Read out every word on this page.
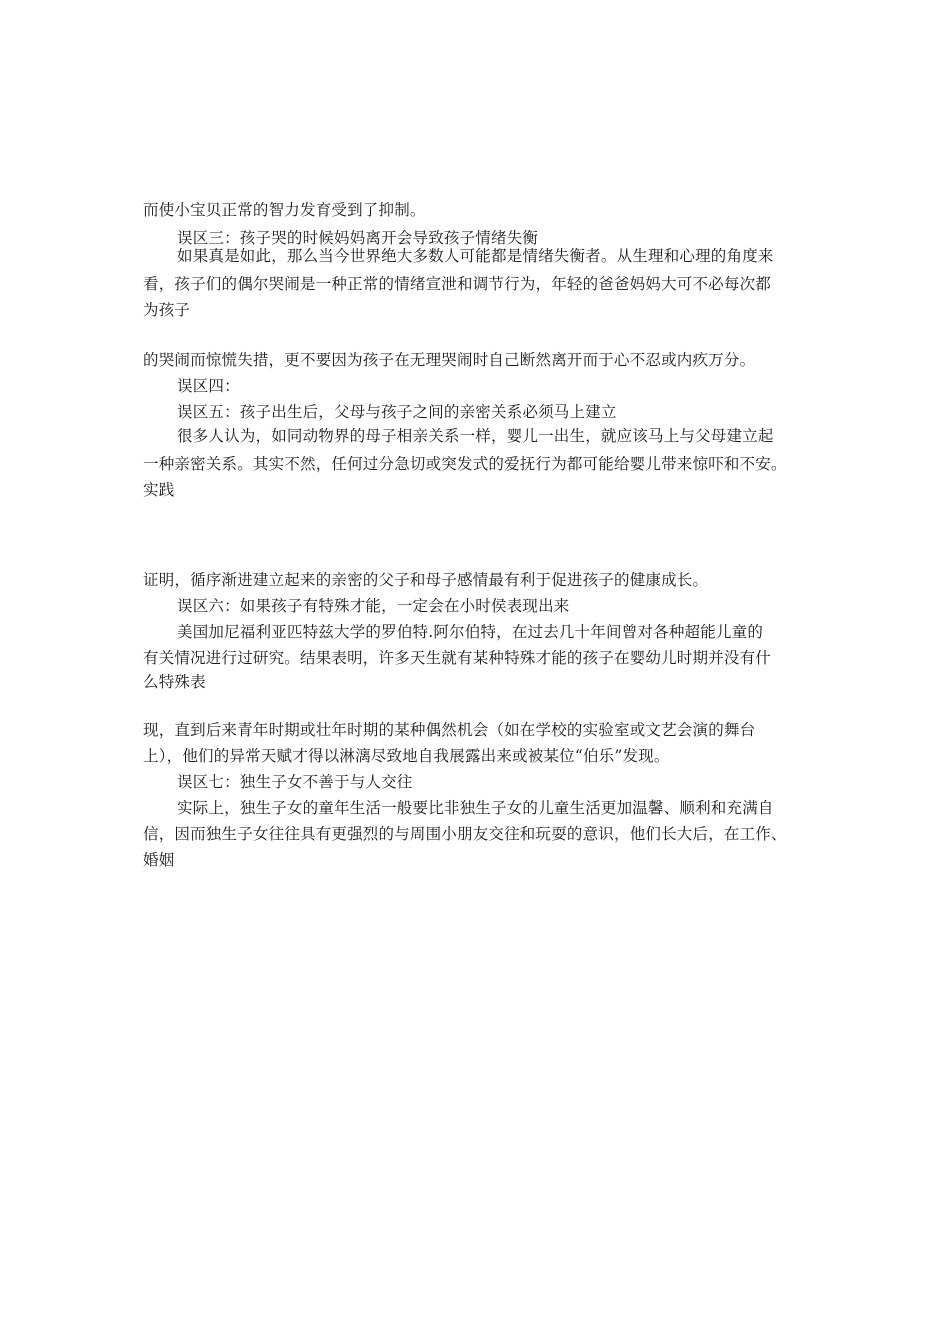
而使小宝贝正常的智力发育受到了抑制。
误区三：孩子哭的时候妈妈离开会导致孩子情绪失衡
如果真是如此，那么当今世界绝大多数人可能都是情绪失衡者。从生理和心理的角度来
看，孩子们的偶尔哭闹是一种正常的情绪宣泄和调节行为，年轻的爸爸妈妈大可不必每次都
为孩子
的哭闹而惊慌失措，更不要因为孩子在无理哭闹时自己断然离开而于心不忍或内疚万分。
误区四：
误区五：孩子出生后，父母与孩子之间的亲密关系必须马上建立
很多人认为，如同动物界的母子相亲关系一样，婴儿一出生，就应该马上与父母建立起
一种亲密关系。其实不然，任何过分急切或突发式的爱抚行为都可能给婴儿带来惊吓和不安。
实践
证明，循序渐进建立起来的亲密的父子和母子感情最有利于促进孩子的健康成长。
误区六：如果孩子有特殊才能，一定会在小时侯表现出来
美国加尼福利亚匹特兹大学的罗伯特.阿尔伯特，在过去几十年间曾对各种超能儿童的
有关情况进行过研究。结果表明，许多天生就有某种特殊才能的孩子在婴幼儿时期并没有什
么特殊表
现，直到后来青年时期或壮年时期的某种偶然机会（如在学校的实验室或文艺会演的舞台
上），他们的异常天赋才得以淋漓尽致地自我展露出来或被某位“伯乐”发现。
误区七：独生子女不善于与人交往
实际上，独生子女的童年生活一般要比非独生子女的儿童生活更加温馨、顺利和充满自
信，因而独生子女往往具有更强烈的与周围小朋友交往和玩耍的意识，他们长大后，在工作、
婚姻
